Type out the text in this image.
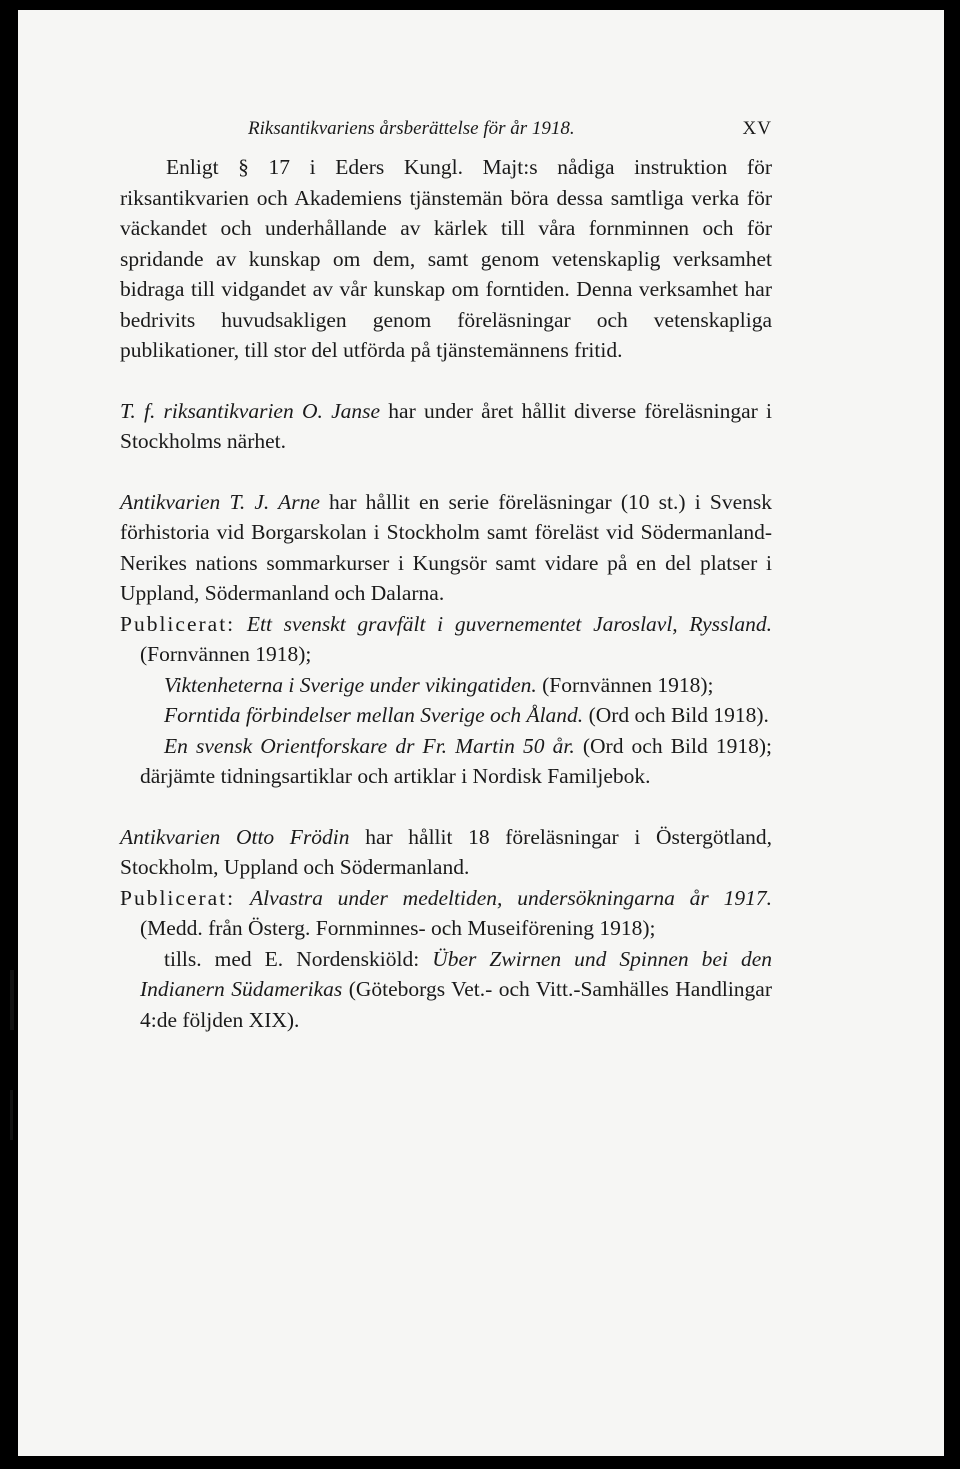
Riksantikvariens årsberättelse för år 1918.	XV

Enligt § 17 i Eders Kungl. Majt:s nådiga instruktion för riksantikvarien och Akademiens tjänstemän böra dessa samtliga verka för väckandet och underhållande av kärlek till våra fornminnen och för spridande av kunskap om dem, samt genom vetenskaplig verksamhet bidraga till vidgandet av vår kunskap om forntiden. Denna verksamhet har bedrivits huvudsakligen genom föreläsningar och vetenskapliga publikationer, till stor del utförda på tjänstemännens fritid.

T. f. riksantikvarien O. Janse har under året hållit diverse föreläsningar i Stockholms närhet.

Antikvarien T. J. Arne har hållit en serie föreläsningar (10 st.) i Svensk förhistoria vid Borgarskolan i Stockholm samt föreläst vid Södermanland-Nerikes nations sommarkurser i Kungsör samt vidare på en del platser i Uppland, Södermanland och Dalarna.

Publicerat: Ett svenskt gravfält i guvernementet Jaroslavl, Ryssland. (Fornvännen 1918);

Viktenheterna i Sverige under vikingatiden. (Fornvännen 1918);

Forntida förbindelser mellan Sverige och Åland. (Ord och Bild 1918).

En svensk Orientforskare dr Fr. Martin 50 år. (Ord och Bild 1918); därjämte tidningsartiklar och artiklar i Nordisk Familjebok.

Antikvarien Otto Frödin har hållit 18 föreläsningar i Östergötland, Stockholm, Uppland och Södermanland.

Publicerat: Alvastra under medeltiden, undersökningarna år 1917. (Medd. från Österg. Fornminnes- och Museiförening 1918);

tills. med E. Nordenskiöld: Über Zwirnen und Spinnen bei den Indianern Südamerikas (Göteborgs Vet.- och Vitt.-Samhälles Handlingar 4:de följden XIX).
